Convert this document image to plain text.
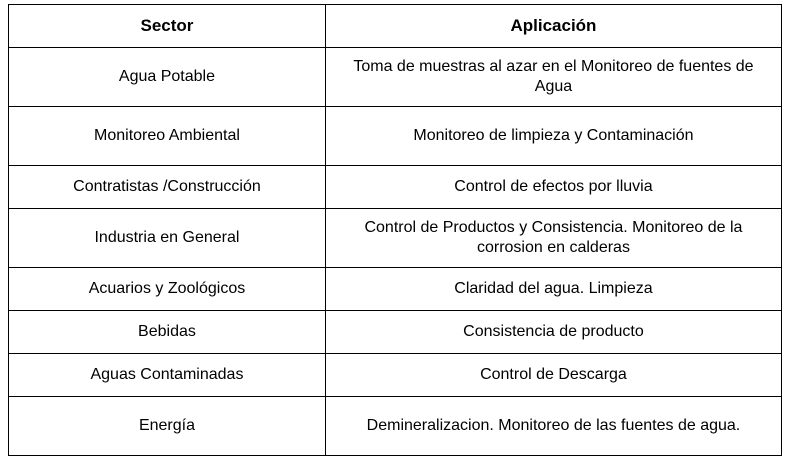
Sector	Aplicación
Agua Potable	Toma de muestras al azar en el Monitoreo de fuentes de Agua
Monitoreo Ambiental	Monitoreo de limpieza y Contaminación
Contratistas /Construcción	Control de efectos por lluvia
Industria en General	Control de Productos y Consistencia. Monitoreo de la corrosion en calderas
Acuarios y Zoológicos	Claridad del agua. Limpieza
Bebidas	Consistencia de producto
Aguas Contaminadas	Control de Descarga
Energía	Demineralizacion. Monitoreo de las fuentes de agua.
